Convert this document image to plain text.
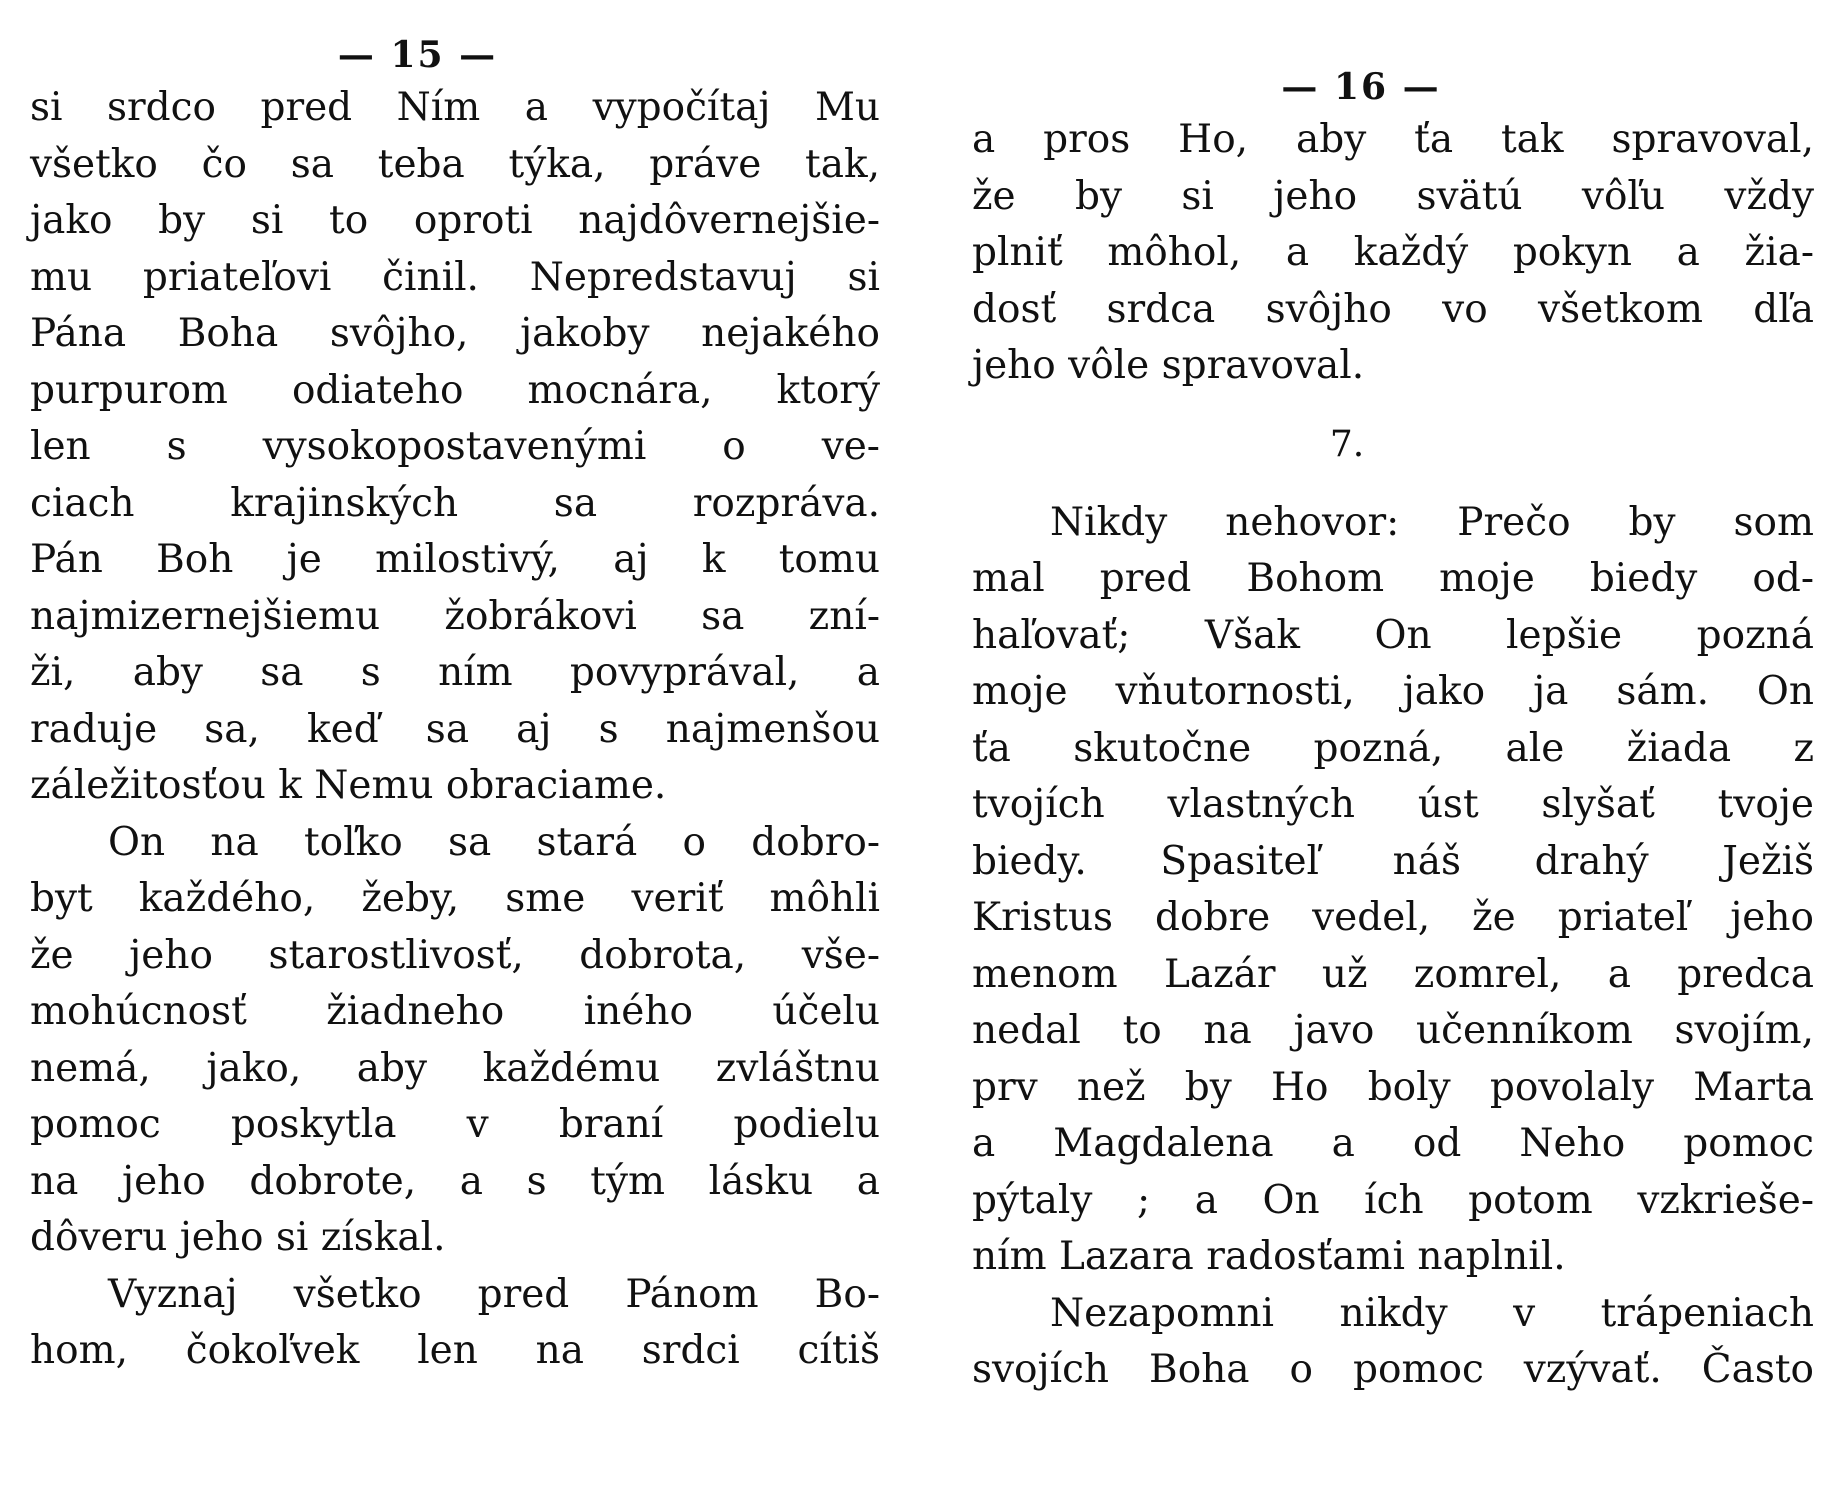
— 15 —
si srdco pred Ním a vypočítaj Mu
všetko čo sa teba týka, práve tak,
jako by si to oproti najdôvernejšie-
mu priateľovi činil. Nepredstavuj si
Pána Boha svôjho, jakoby nejakého
purpurom odiateho mocnára, ktorý
len s vysokopostavenými o ve-
ciach krajinských sa rozpráva.
Pán Boh je milostivý, aj k tomu
najmizernejšiemu žobrákovi sa zní-
ži, aby sa s ním povyprával, a
raduje sa, keď sa aj s najmenšou
záležitosťou k Nemu obraciame.
On na toľko sa stará o dobro-
byt každého, žeby, sme veriť môhli
že jeho starostlivosť, dobrota, vše-
mohúcnosť žiadneho iného účelu
nemá, jako, aby každému zvláštnu
pomoc poskytla v braní podielu
na jeho dobrote, a s tým lásku a
dôveru jeho si získal.
Vyznaj všetko pred Pánom Bo-
hom, čokoľvek len na srdci cítiš
— 16 —
a pros Ho, aby ťa tak spravoval,
že by si jeho svätú vôľu vždy
plniť môhol, a každý pokyn a žia-
dosť srdca svôjho vo všetkom dľa
jeho vôle spravoval.
7.
Nikdy nehovor: Prečo by som
mal pred Bohom moje biedy od-
haľovať; Však On lepšie pozná
moje vňutornosti, jako ja sám. On
ťa skutočne pozná, ale žiada z
tvojích vlastných úst slyšať tvoje
biedy. Spasiteľ náš drahý Ježiš
Kristus dobre vedel, že priateľ jeho
menom Lazár už zomrel, a predca
nedal to na javo učenníkom svojím,
prv než by Ho boly povolaly Marta
a Magdalena a od Neho pomoc
pýtaly ; a On ích potom vzkrieše-
ním Lazara radosťami naplnil.
Nezapomni nikdy v trápeniach
svojích Boha o pomoc vzývať. Často
